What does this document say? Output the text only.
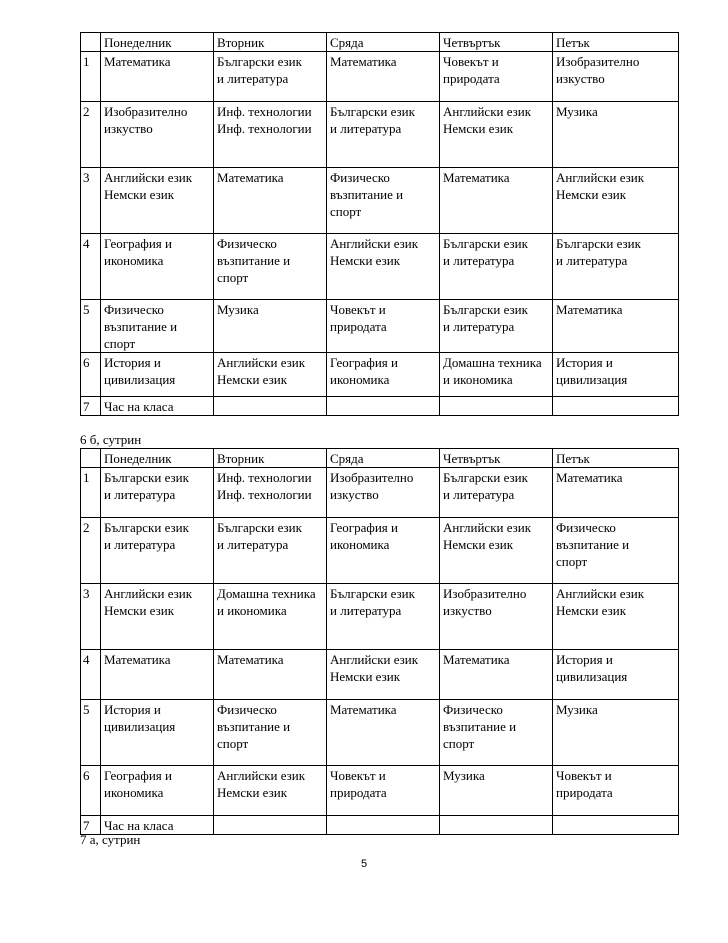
	Понеделник	Вторник	Сряда	Четвъртък	Петък
1	Математика	Български език
и литература	Математика	Човекът и
природата	Изобразително
изкуство
2	Изобразително
изкуство	Инф. технологии
Инф. технологии	Български език
и литература	Английски език
Немски език	Музика
3	Английски език
Немски език	Математика	Физическо
възпитание и
спорт	Математика	Английски език
Немски език
4	География и
икономика	Физическо
възпитание и
спорт	Английски език
Немски език	Български език
и литература	Български език
и литература
5	Физическо
възпитание и
спорт	Музика	Човекът и
природата	Български език
и литература	Математика
6	История и
цивилизация	Английски език
Немски език	География и
икономика	Домашна техника
и икономика	История и
цивилизация
7	Час на класа				
6 б, сутрин
	Понеделник	Вторник	Сряда	Четвъртък	Петък
1	Български език
и литература	Инф. технологии
Инф. технологии	Изобразително
изкуство	Български език
и литература	Математика
2	Български език
и литература	Български език
и литература	География и
икономика	Английски език
Немски език	Физическо
възпитание и
спорт
3	Английски език
Немски език	Домашна техника
и икономика	Български език
и литература	Изобразително
изкуство	Английски език
Немски език
4	Математика	Математика	Английски език
Немски език	Математика	История и
цивилизация
5	История и
цивилизация	Физическо
възпитание и
спорт	Математика	Физическо
възпитание и
спорт	Музика
6	География и
икономика	Английски език
Немски език	Човекът и
природата	Музика	Човекът и
природата
7	Час на класа				
7 а, сутрин
5
